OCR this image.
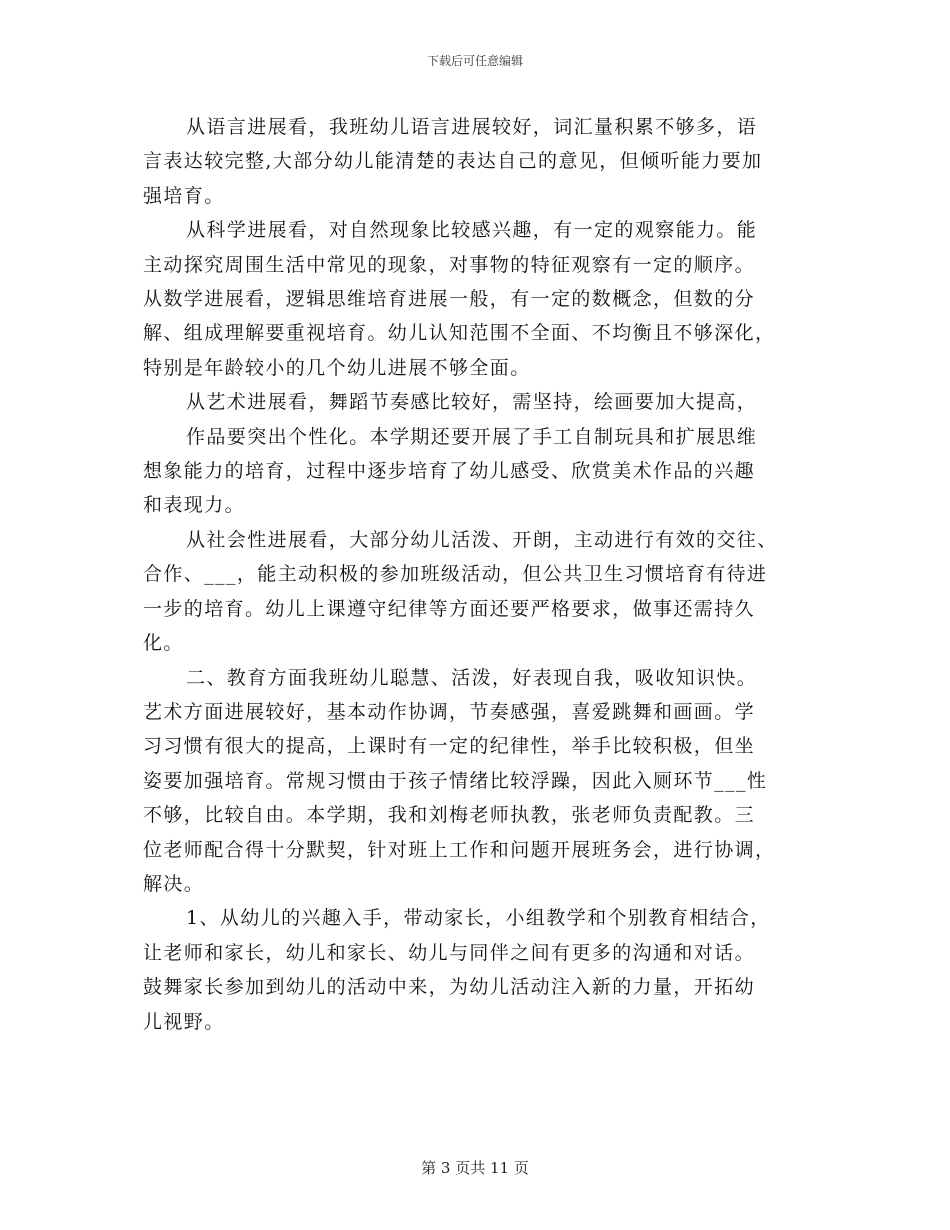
下载后可任意编辑

从语言进展看，我班幼儿语言进展较好，词汇量积累不够多，语
言表达较完整,大部分幼儿能清楚的表达自己的意见，但倾听能力要加
强培育。

从科学进展看，对自然现象比较感兴趣，有一定的观察能力。能
主动探究周围生活中常见的现象，对事物的特征观察有一定的顺序。
从数学进展看，逻辑思维培育进展一般，有一定的数概念，但数的分
解、组成理解要重视培育。幼儿认知范围不全面、不均衡且不够深化，
特别是年龄较小的几个幼儿进展不够全面。

从艺术进展看，舞蹈节奏感比较好，需坚持，绘画要加大提高，
作品要突出个性化。本学期还要开展了手工自制玩具和扩展思维
想象能力的培育，过程中逐步培育了幼儿感受、欣赏美术作品的兴趣
和表现力。

从社会性进展看，大部分幼儿活泼、开朗，主动进行有效的交往、
合作、___，能主动积极的参加班级活动，但公共卫生习惯培育有待进
一步的培育。幼儿上课遵守纪律等方面还要严格要求，做事还需持久
化。

二、教育方面我班幼儿聪慧、活泼，好表现自我，吸收知识快。
艺术方面进展较好，基本动作协调，节奏感强，喜爱跳舞和画画。学
习习惯有很大的提高，上课时有一定的纪律性，举手比较积极，但坐
姿要加强培育。常规习惯由于孩子情绪比较浮躁，因此入厕环节___性
不够，比较自由。本学期，我和刘梅老师执教，张老师负责配教。三
位老师配合得十分默契，针对班上工作和问题开展班务会，进行协调，
解决。

1、从幼儿的兴趣入手，带动家长，小组教学和个别教育相结合，
让老师和家长，幼儿和家长、幼儿与同伴之间有更多的沟通和对话。
鼓舞家长参加到幼儿的活动中来，为幼儿活动注入新的力量，开拓幼
儿视野。

第 3 页共 11 页
